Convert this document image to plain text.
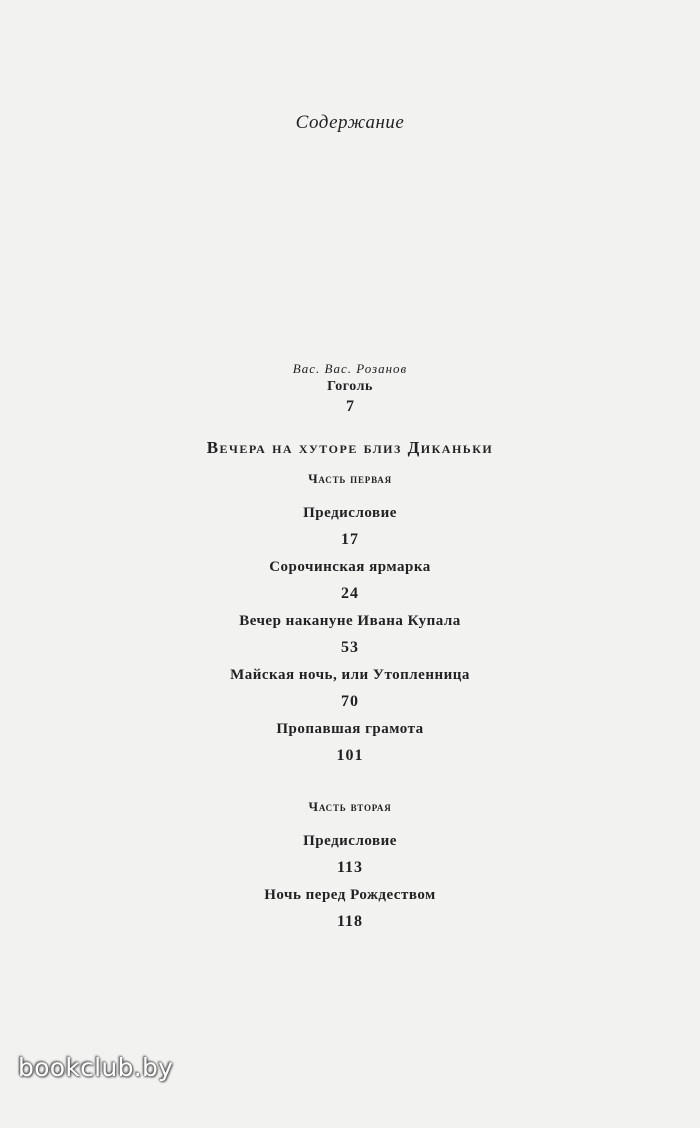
Содержание
Вас. Вас. Розанов
Гоголь
7
Вечера на хуторе близ Диканьки
Часть первая
Предисловие
17
Сорочинская ярмарка
24
Вечер накануне Ивана Купала
53
Майская ночь, или Утопленница
70
Пропавшая грамота
101
Часть вторая
Предисловие
113
Ночь перед Рождеством
118
bookclub.by
